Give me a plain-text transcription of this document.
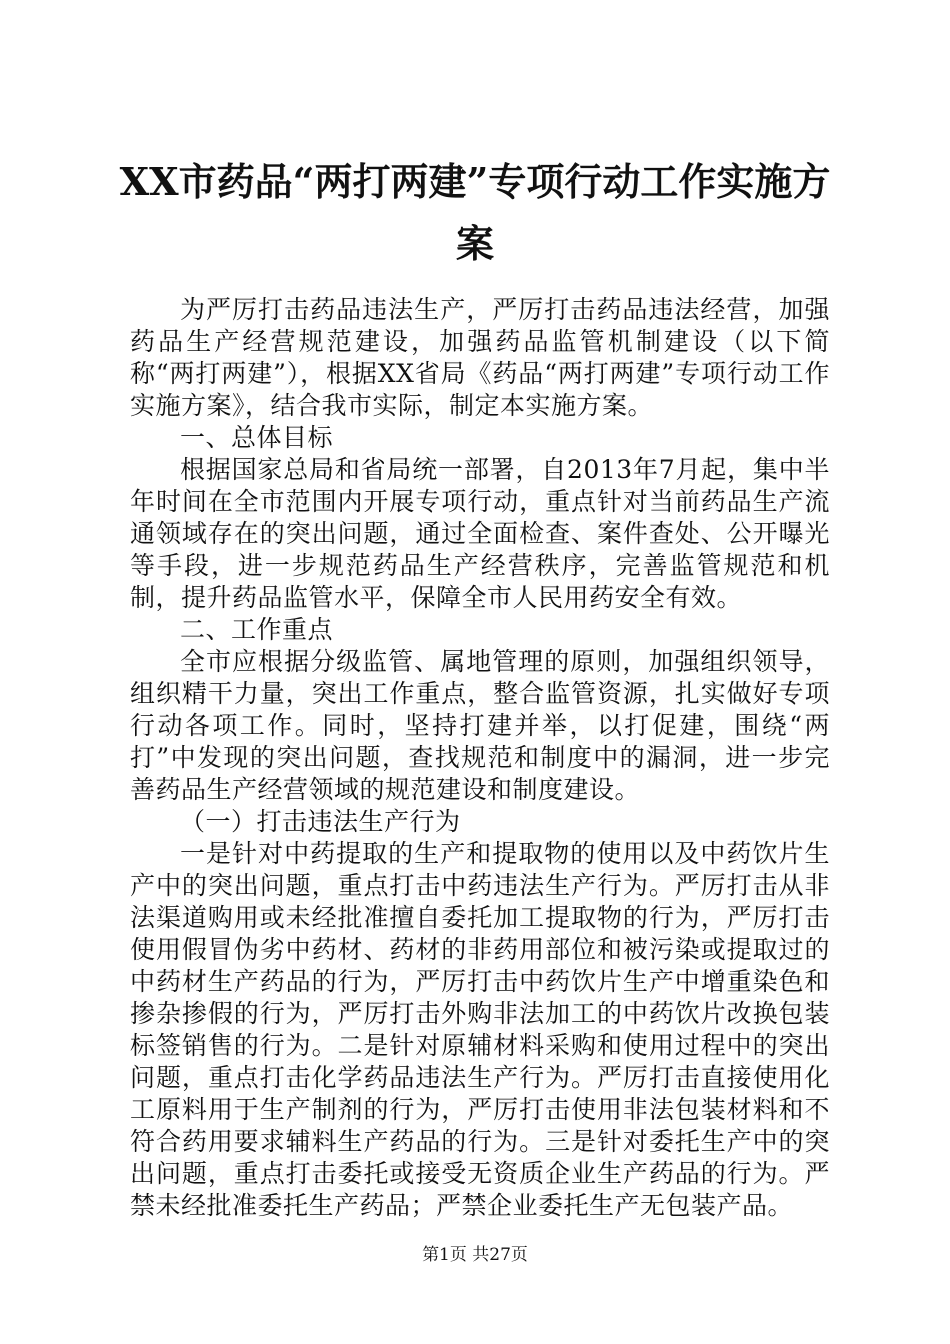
XX市药品“两打两建”专项行动工作实施方
案

为严厉打击药品违法生产，严厉打击药品违法经营，加强药品生产经营规范建设，加强药品监管机制建设（以下简称“两打两建”），根据XX省局《药品“两打两建”专项行动工作实施方案》，结合我市实际，制定本实施方案。

一、总体目标

根据国家总局和省局统一部署，自2013年7月起，集中半年时间在全市范围内开展专项行动，重点针对当前药品生产流通领域存在的突出问题，通过全面检查、案件查处、公开曝光等手段，进一步规范药品生产经营秩序，完善监管规范和机制，提升药品监管水平，保障全市人民用药安全有效。

二、工作重点

全市应根据分级监管、属地管理的原则，加强组织领导，组织精干力量，突出工作重点，整合监管资源，扎实做好专项行动各项工作。同时，坚持打建并举，以打促建，围绕“两打”中发现的突出问题，查找规范和制度中的漏洞，进一步完善药品生产经营领域的规范建设和制度建设。

（一）打击违法生产行为

一是针对中药提取的生产和提取物的使用以及中药饮片生产中的突出问题，重点打击中药违法生产行为。严厉打击从非法渠道购用或未经批准擅自委托加工提取物的行为，严厉打击使用假冒伪劣中药材、药材的非药用部位和被污染或提取过的中药材生产药品的行为，严厉打击中药饮片生产中增重染色和掺杂掺假的行为，严厉打击外购非法加工的中药饮片改换包装标签销售的行为。二是针对原辅材料采购和使用过程中的突出问题，重点打击化学药品违法生产行为。严厉打击直接使用化工原料用于生产制剂的行为，严厉打击使用非法包装材料和不符合药用要求辅料生产药品的行为。三是针对委托生产中的突出问题，重点打击委托或接受无资质企业生产药品的行为。严禁未经批准委托生产药品；严禁企业委托生产无包装产品。

第1页 共27页
